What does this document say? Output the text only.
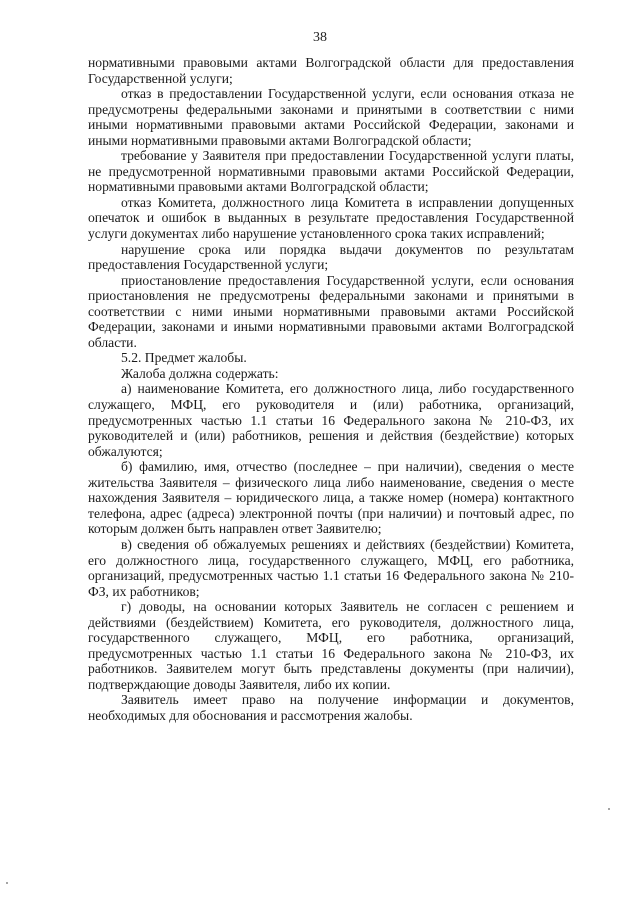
38

нормативными правовыми актами Волгоградской области для предоставления Государственной услуги;

отказ в предоставлении Государственной услуги, если основания отказа не предусмотрены федеральными законами и принятыми в соответствии с ними иными нормативными правовыми актами Российской Федерации, законами и иными нормативными правовыми актами Волгоградской области;

требование у Заявителя при предоставлении Государственной услуги платы, не предусмотренной нормативными правовыми актами Российской Федерации, нормативными правовыми актами Волгоградской области;

отказ Комитета, должностного лица Комитета в исправлении допущенных опечаток и ошибок в выданных в результате предоставления Государственной услуги документах либо нарушение установленного срока таких исправлений;

нарушение срока или порядка выдачи документов по результатам предоставления Государственной услуги;

приостановление предоставления Государственной услуги, если основания приостановления не предусмотрены федеральными законами и принятыми в соответствии с ними иными нормативными правовыми актами Российской Федерации, законами и иными нормативными правовыми актами Волгоградской области.

5.2. Предмет жалобы.

Жалоба должна содержать:

а) наименование Комитета, его должностного лица, либо государственного служащего, МФЦ, его руководителя и (или) работника, организаций, предусмотренных частью 1.1 статьи 16 Федерального закона № 210-ФЗ, их руководителей и (или) работников, решения и действия (бездействие) которых обжалуются;

б) фамилию, имя, отчество (последнее – при наличии), сведения о месте жительства Заявителя – физического лица либо наименование, сведения о месте нахождения Заявителя – юридического лица, а также номер (номера) контактного телефона, адрес (адреса) электронной почты (при наличии) и почтовый адрес, по которым должен быть направлен ответ Заявителю;

в) сведения об обжалуемых решениях и действиях (бездействии) Комитета, его должностного лица, государственного служащего, МФЦ, его работника, организаций, предусмотренных частью 1.1 статьи 16 Федерального закона № 210-ФЗ, их работников;

г) доводы, на основании которых Заявитель не согласен с решением и действиями (бездействием) Комитета, его руководителя, должностного лица, государственного служащего, МФЦ, его работника, организаций, предусмотренных частью 1.1 статьи 16 Федерального закона № 210-ФЗ, их работников. Заявителем могут быть представлены документы (при наличии), подтверждающие доводы Заявителя, либо их копии.

Заявитель имеет право на получение информации и документов, необходимых для обоснования и рассмотрения жалобы.
